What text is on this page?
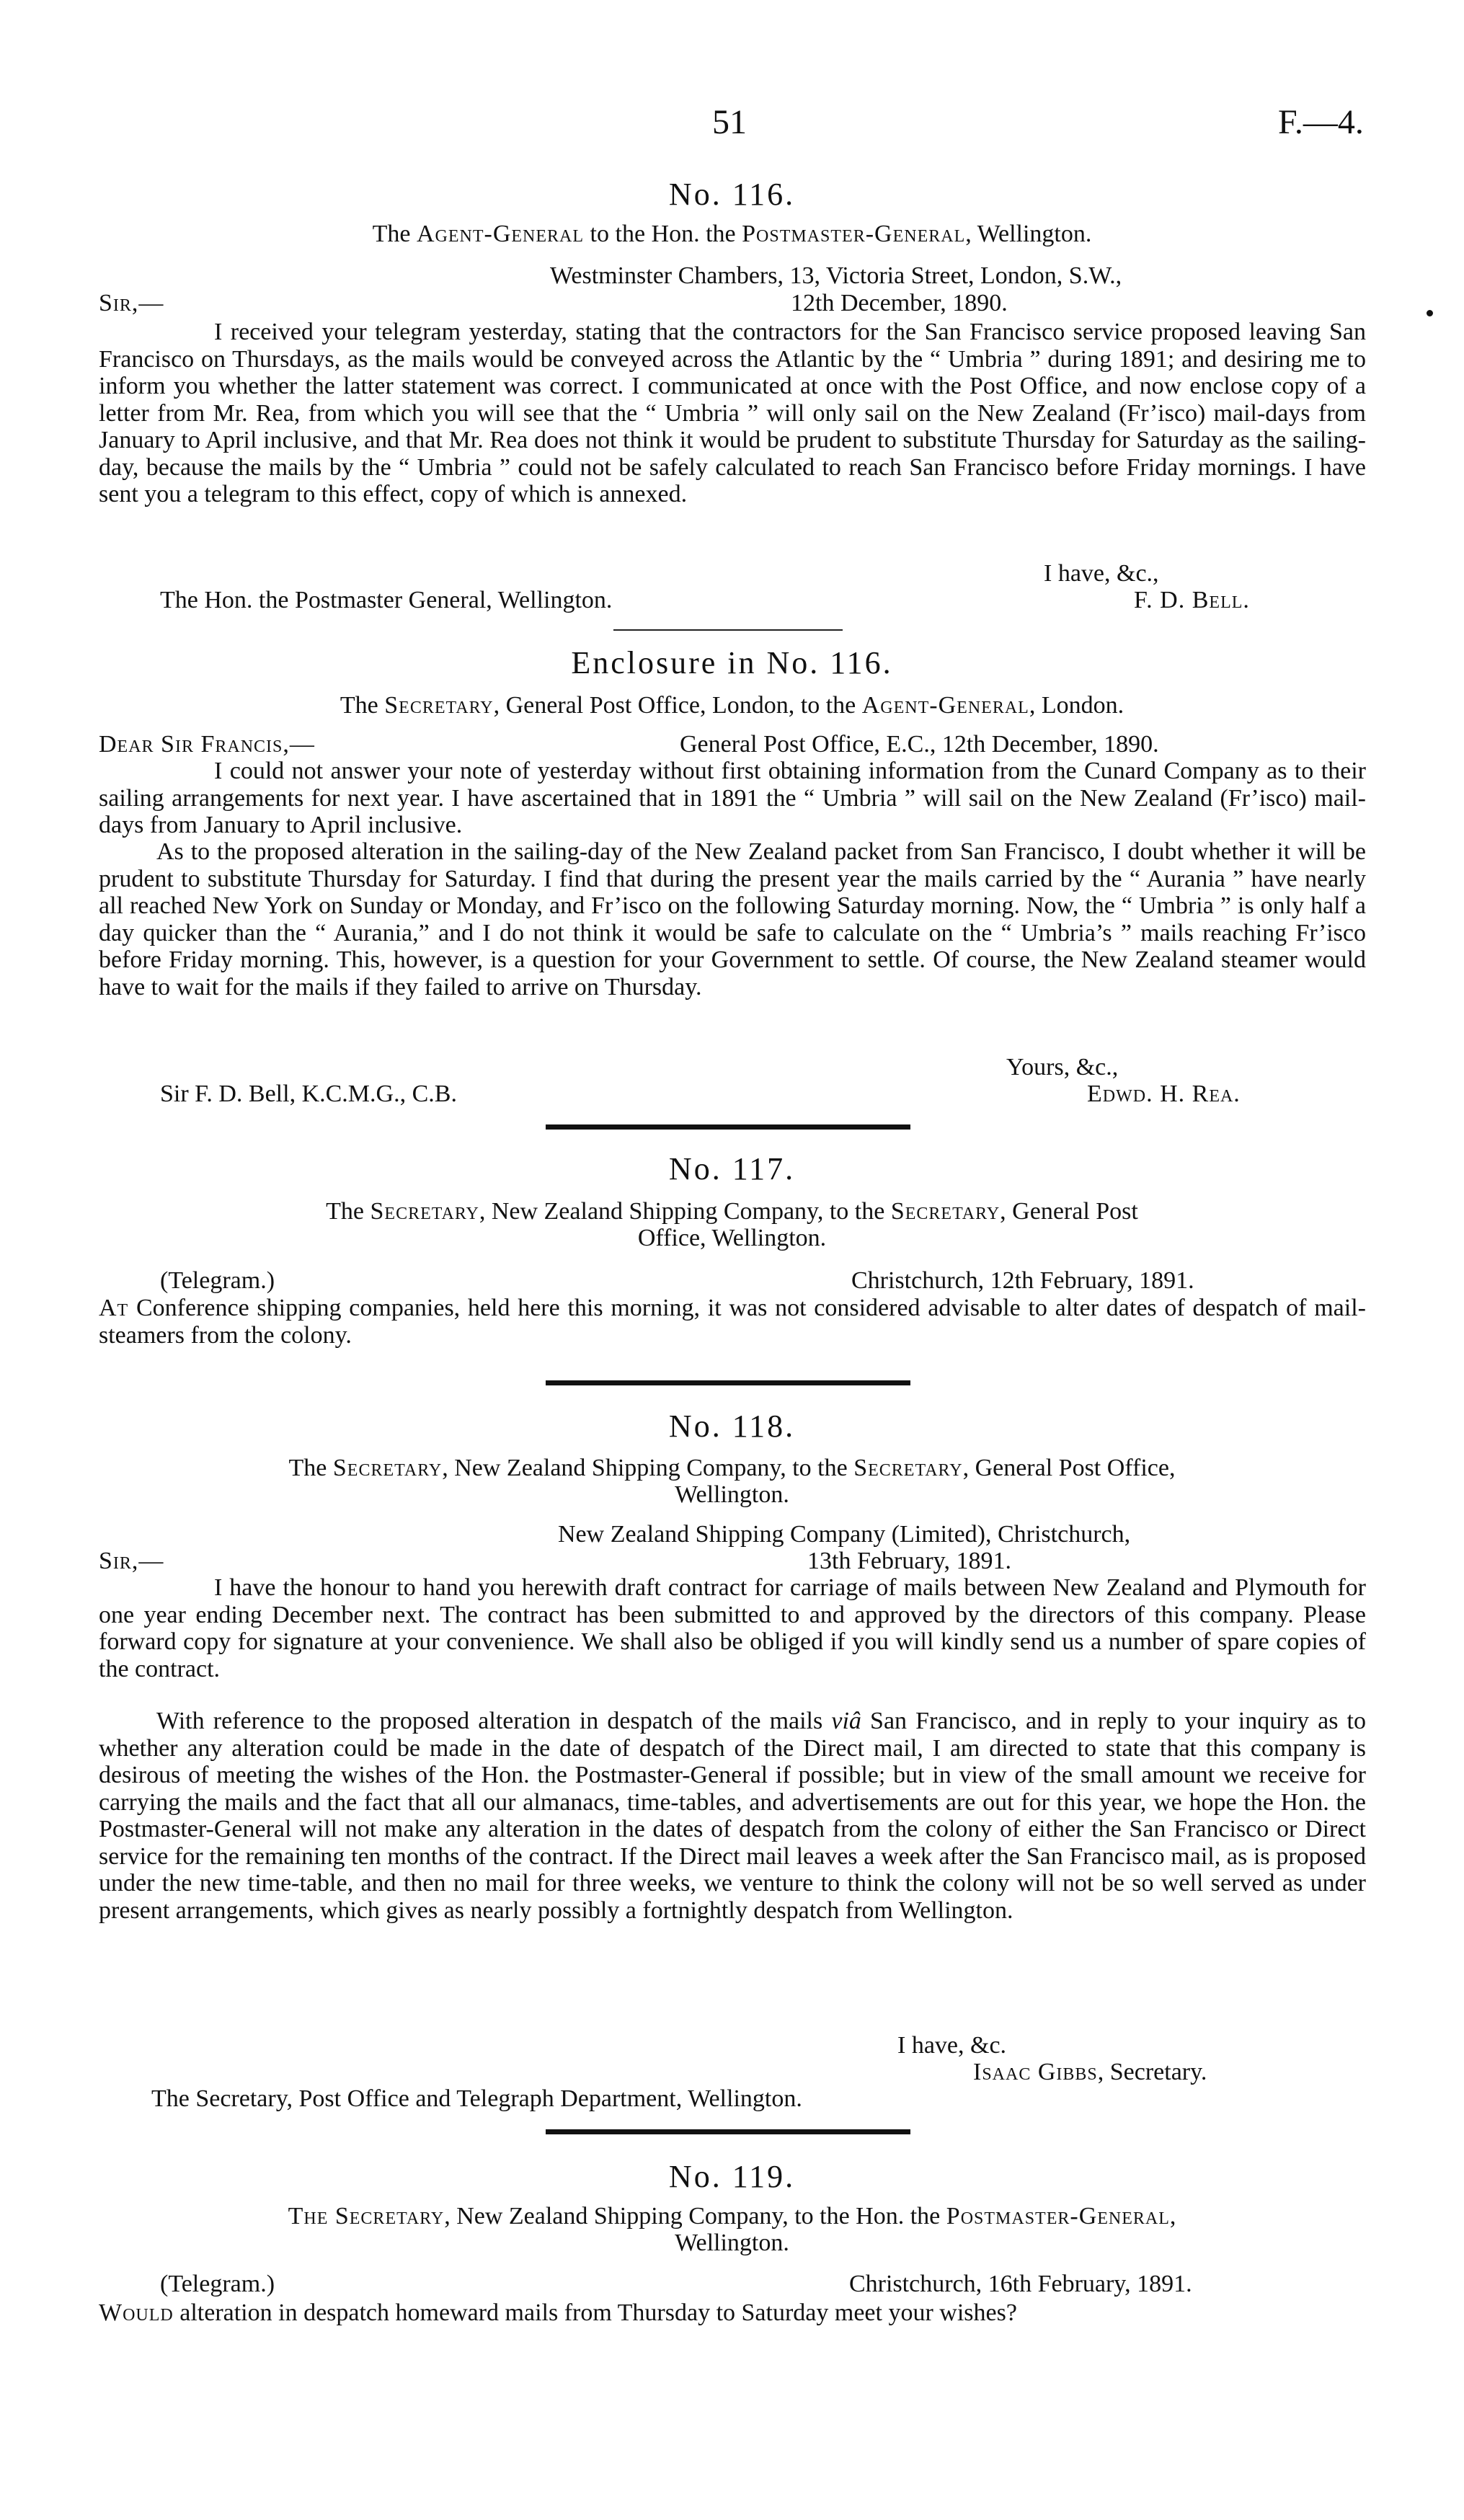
51	F.—4.
No. 116.
The Agent-General to the Hon. the Postmaster-General, Wellington.
Westminster Chambers, 13, Victoria Street, London, S.W.,
Sir,—	12th December, 1890.
I received your telegram yesterday, stating that the contractors for the San Francisco service proposed leaving San Francisco on Thursdays, as the mails would be conveyed across the Atlantic by the “ Umbria ” during 1891; and desiring me to inform you whether the latter statement was correct. I communicated at once with the Post Office, and now enclose copy of a letter from Mr. Rea, from which you will see that the “ Umbria ” will only sail on the New Zealand (Fr’isco) mail-days from January to April inclusive, and that Mr. Rea does not think it would be prudent to substitute Thursday for Saturday as the sailing-day, because the mails by the “ Umbria ” could not be safely calculated to reach San Francisco before Friday mornings. I have sent you a telegram to this effect, copy of which is annexed.
I have, &c.,
The Hon. the Postmaster General, Wellington.	F. D. Bell.
Enclosure in No. 116.
The Secretary, General Post Office, London, to the Agent-General, London.
Dear Sir Francis,—	General Post Office, E.C., 12th December, 1890.
I could not answer your note of yesterday without first obtaining information from the Cunard Company as to their sailing arrangements for next year. I have ascertained that in 1891 the “ Umbria ” will sail on the New Zealand (Fr’isco) mail-days from January to April inclusive.
As to the proposed alteration in the sailing-day of the New Zealand packet from San Francisco, I doubt whether it will be prudent to substitute Thursday for Saturday. I find that during the present year the mails carried by the “ Aurania ” have nearly all reached New York on Sunday or Monday, and Fr’isco on the following Saturday morning. Now, the “ Umbria ” is only half a day quicker than the “ Aurania,” and I do not think it would be safe to calculate on the “ Umbria’s ” mails reaching Fr’isco before Friday morning. This, however, is a question for your Government to settle. Of course, the New Zealand steamer would have to wait for the mails if they failed to arrive on Thursday.
Yours, &c.,
Sir F. D. Bell, K.C.M.G., C.B.	Edwd. H. Rea.
No. 117.
The Secretary, New Zealand Shipping Company, to the Secretary, General Post
Office, Wellington.
(Telegram.)	Christchurch, 12th February, 1891.
At Conference shipping companies, held here this morning, it was not considered advisable to alter dates of despatch of mail-steamers from the colony.
No. 118.
The Secretary, New Zealand Shipping Company, to the Secretary, General Post Office,
Wellington.
New Zealand Shipping Company (Limited), Christchurch,
Sir,—	13th February, 1891.
I have the honour to hand you herewith draft contract for carriage of mails between New Zealand and Plymouth for one year ending December next. The contract has been submitted to and approved by the directors of this company. Please forward copy for signature at your convenience. We shall also be obliged if you will kindly send us a number of spare copies of the contract.
With reference to the proposed alteration in despatch of the mails viâ San Francisco, and in reply to your inquiry as to whether any alteration could be made in the date of despatch of the Direct mail, I am directed to state that this company is desirous of meeting the wishes of the Hon. the Postmaster-General if possible; but in view of the small amount we receive for carrying the mails and the fact that all our almanacs, time-tables, and advertisements are out for this year, we hope the Hon. the Postmaster-General will not make any alteration in the dates of despatch from the colony of either the San Francisco or Direct service for the remaining ten months of the contract. If the Direct mail leaves a week after the San Francisco mail, as is proposed under the new time-table, and then no mail for three weeks, we venture to think the colony will not be so well served as under present arrangements, which gives as nearly possibly a fortnightly despatch from Wellington.
I have, &c.
Isaac Gibbs, Secretary.
The Secretary, Post Office and Telegraph Department, Wellington.
No. 119.
The Secretary, New Zealand Shipping Company, to the Hon. the Postmaster-General,
Wellington.
(Telegram.)	Christchurch, 16th February, 1891.
Would alteration in despatch homeward mails from Thursday to Saturday meet your wishes?
